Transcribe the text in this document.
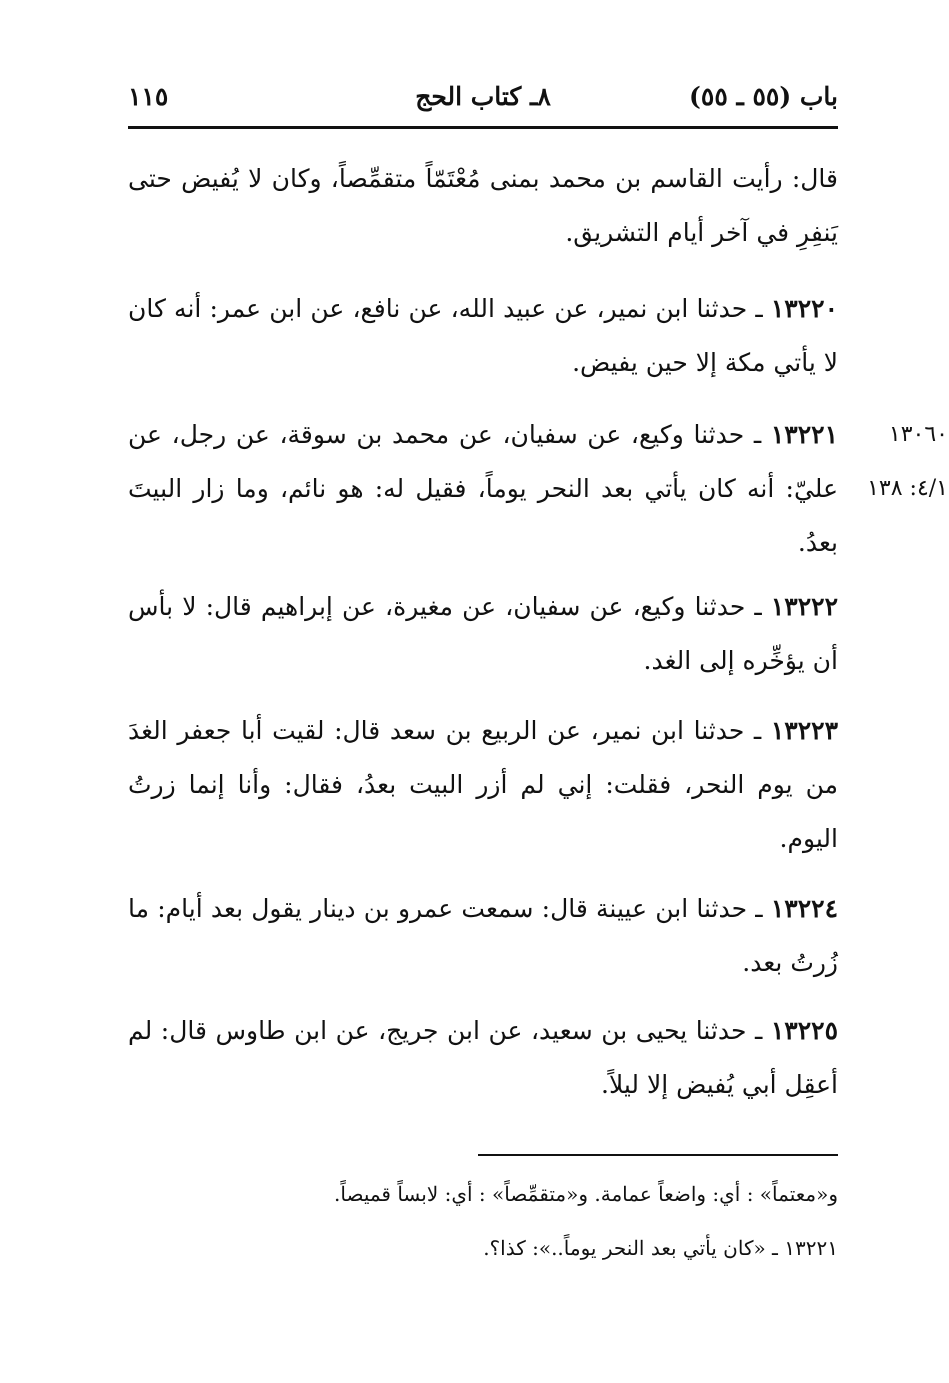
باب (٥٥ ـ ٥٥)
٨ـ كتاب الحج
١١٥

قال: رأيت القاسم بن محمد بمنى مُعْتَمّاً متقمِّصاً، وكان لا يُفيض حتى يَنفِرِ في آخر أيام التشريق.

١٣٢٢٠ ـ حدثنا ابن نمير، عن عبيد الله، عن نافع، عن ابن عمر: أنه كان لا يأتي مكة إلا حين يفيض.

١٣٢٢١ ـ حدثنا وكيع، عن سفيان، عن محمد بن سوقة، عن رجل، عن عليّ: أنه كان يأتي بعد النحر يوماً، فقيل له: هو نائم، وما زار البيتَ بعدُ.

١٣٠٦٠
٤/١: ١٣٨

١٣٢٢٢ ـ حدثنا وكيع، عن سفيان، عن مغيرة، عن إبراهيم قال: لا بأس أن يؤخِّره إلى الغد.

١٣٢٢٣ ـ حدثنا ابن نمير، عن الربيع بن سعد قال: لقيت أبا جعفر الغدَ من يوم النحر، فقلت: إني لم أزر البيت بعدُ، فقال: وأنا إنما زرتُ اليوم.

١٣٢٢٤ ـ حدثنا ابن عيينة قال: سمعت عمرو بن دينار يقول بعد أيام: ما زُرتُ بعد.

١٣٢٢٥ ـ حدثنا يحيى بن سعيد، عن ابن جريج، عن ابن طاوس قال: لم أعقِل أبي يُفيض إلا ليلاً.

و«معتماً» : أي: واضعاً عمامة. و«متقمِّصاً» : أي: لابساً قميصاً.
١٣٢٢١ ـ «كان يأتي بعد النحر يوماً..»: كذا؟.
